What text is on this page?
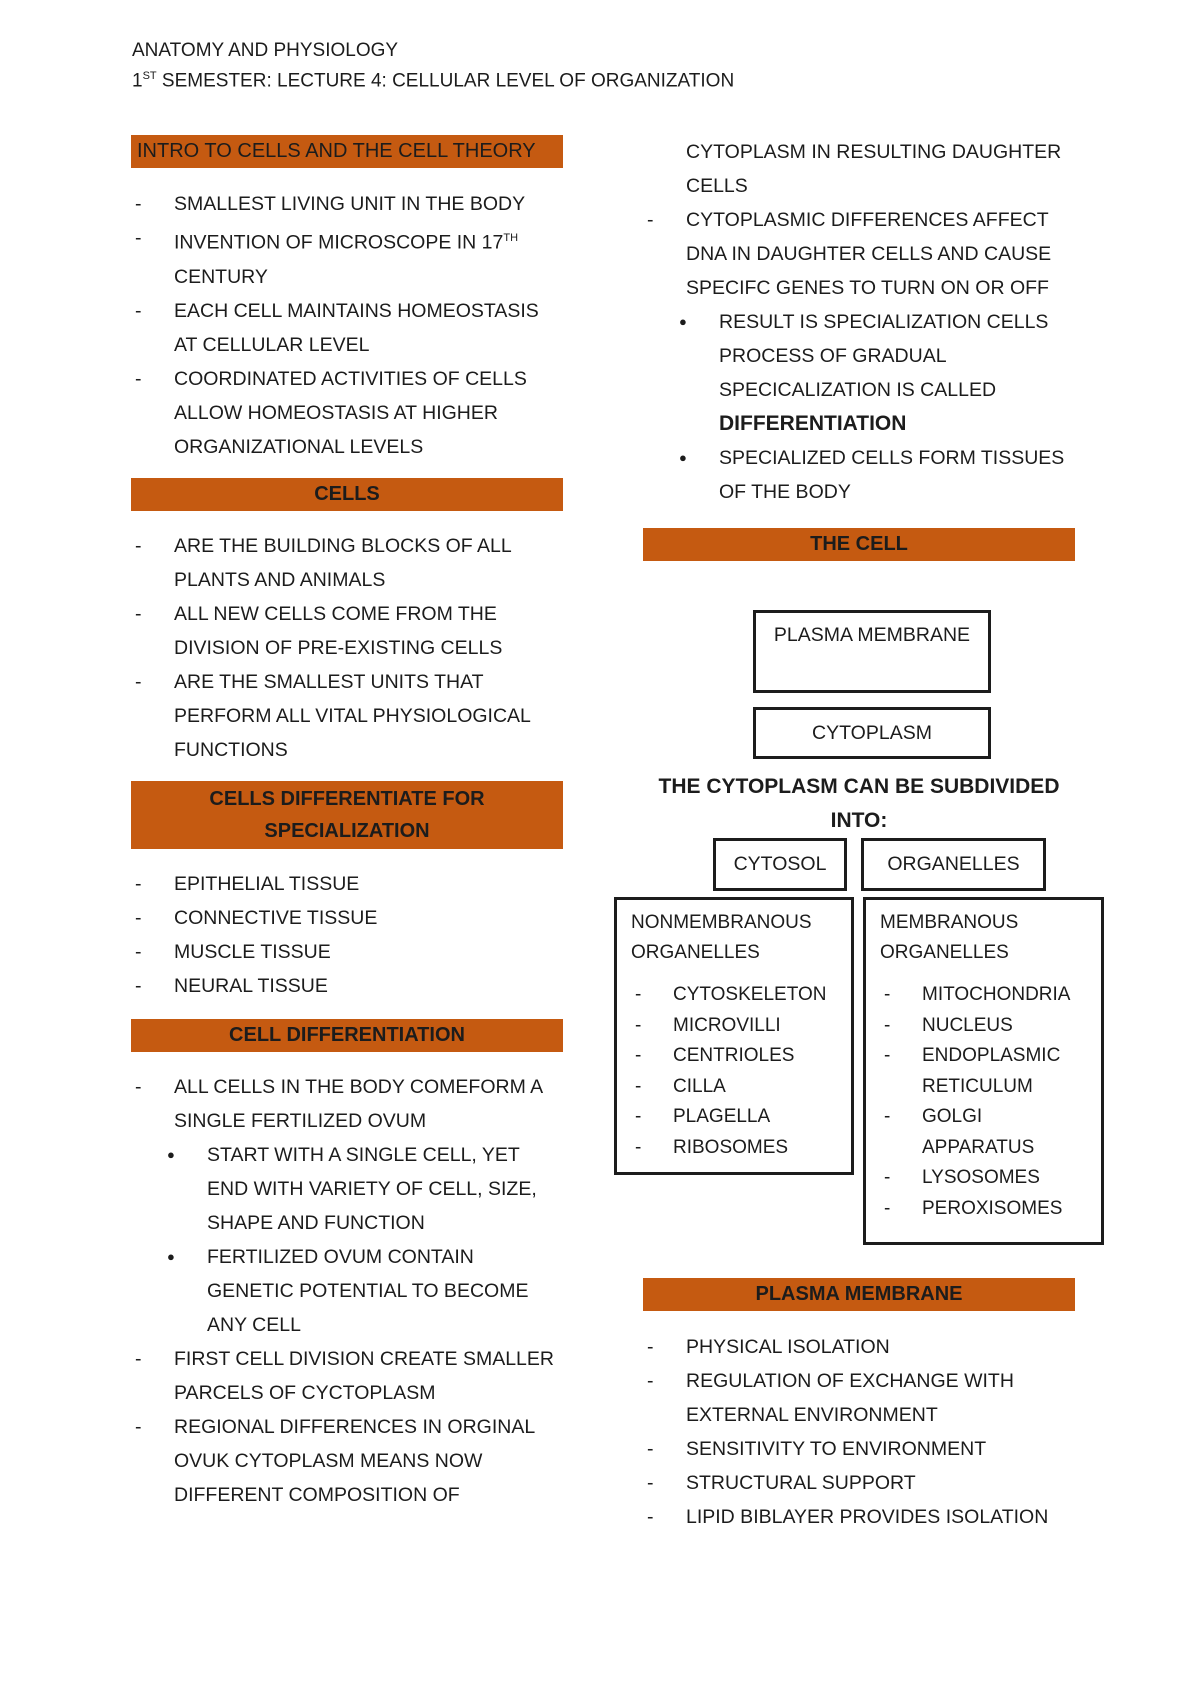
ANATOMY AND PHYSIOLOGY
1ST SEMESTER: LECTURE 4: CELLULAR LEVEL OF ORGANIZATION
INTRO TO CELLS AND THE CELL THEORY
- SMALLEST LIVING UNIT IN THE BODY
- INVENTION OF MICROSCOPE IN 17TH
CENTURY
- EACH CELL MAINTAINS HOMEOSTASIS AT CELLULAR LEVEL
- COORDINATED ACTIVITIES OF CELLS ALLOW HOMEOSTASIS AT HIGHER ORGANIZATIONAL LEVELS
CELLS
- ARE THE BUILDING BLOCKS OF ALL PLANTS AND ANIMALS
- ALL NEW CELLS COME FROM THE DIVISION OF PRE-EXISTING CELLS
- ARE THE SMALLEST UNITS THAT PERFORM ALL VITAL PHYSIOLOGICAL FUNCTIONS
CELLS DIFFERENTIATE FOR SPECIALIZATION
- EPITHELIAL TISSUE
- CONNECTIVE TISSUE
- MUSCLE TISSUE
- NEURAL TISSUE
CELL DIFFERENTIATION
- ALL CELLS IN THE BODY COMEFORM A SINGLE FERTILIZED OVUM
● START WITH A SINGLE CELL, YET END WITH VARIETY OF CELL, SIZE, SHAPE AND FUNCTION
● FERTILIZED OVUM CONTAIN GENETIC POTENTIAL TO BECOME ANY CELL
- FIRST CELL DIVISION CREATE SMALLER PARCELS OF CYCTOPLASM
- REGIONAL DIFFERENCES IN ORGINAL OVUK CYTOPLASM MEANS NOW DIFFERENT COMPOSITION OF
CYTOPLASM IN RESULTING DAUGHTER CELLS
- CYTOPLASMIC DIFFERENCES AFFECT DNA IN DAUGHTER CELLS AND CAUSE SPECIFC GENES TO TURN ON OR OFF
● RESULT IS SPECIALIZATION CELLS PROCESS OF GRADUAL SPECICALIZATION IS CALLED
DIFFERENTIATION
● SPECIALIZED CELLS FORM TISSUES OF THE BODY
THE CELL
PLASMA MEMBRANE
CYTOPLASM
THE CYTOPLASM CAN BE SUBDIVIDED INTO:
CYTOSOL	ORGANELLES
NONMEMBRANOUS ORGANELLES
- CYTOSKELETON
- MICROVILLI
- CENTRIOLES
- CILLA
- PLAGELLA
- RIBOSOMES
MEMBRANOUS ORGANELLES
- MITOCHONDRIA
- NUCLEUS
- ENDOPLASMIC RETICULUM
- GOLGI APPARATUS
- LYSOSOMES
- PEROXISOMES
PLASMA MEMBRANE
- PHYSICAL ISOLATION
- REGULATION OF EXCHANGE WITH EXTERNAL ENVIRONMENT
- SENSITIVITY TO ENVIRONMENT
- STRUCTURAL SUPPORT
- LIPID BIBLAYER PROVIDES ISOLATION
